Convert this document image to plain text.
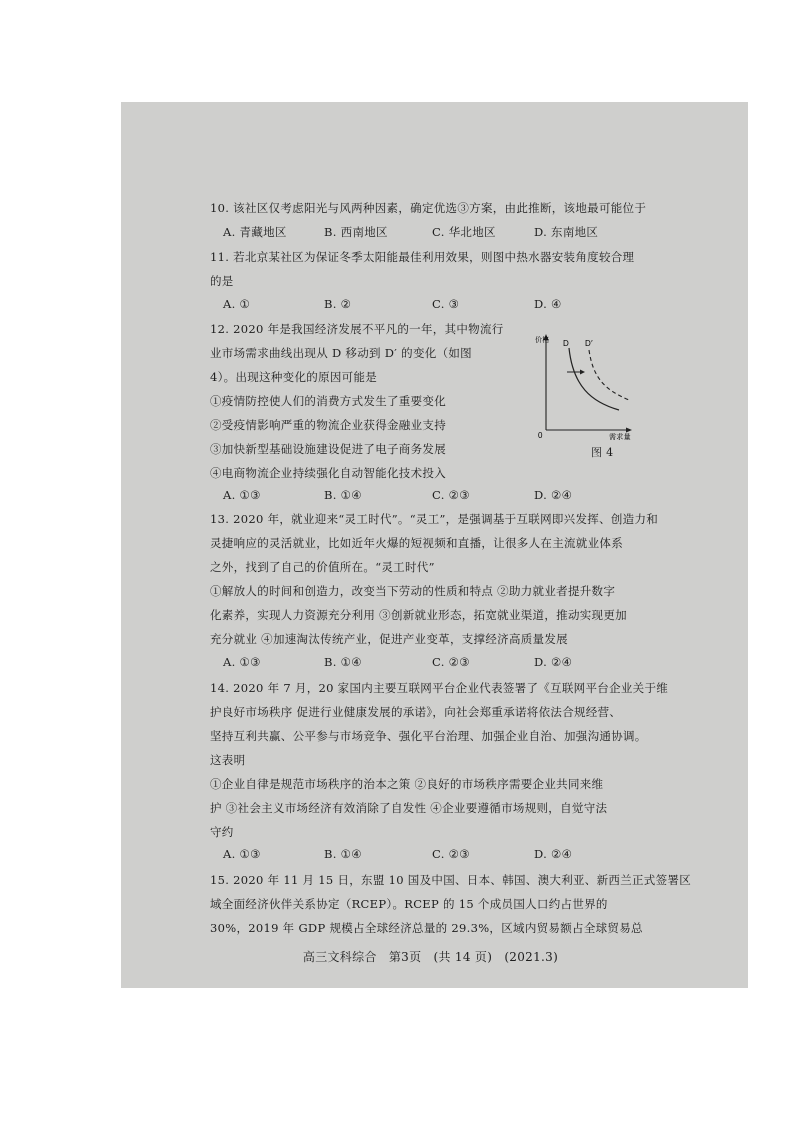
10. 该社区仅考虑阳光与风两种因素，确定优选③方案，由此推断，该地最可能位于
A. 青藏地区	B. 西南地区	C. 华北地区	D. 东南地区
11. 若北京某社区为保证冬季太阳能最佳利用效果，则图中热水器安装角度较合理
的是
A. ①	B. ②	C. ③	D. ④
12. 2020 年是我国经济发展不平凡的一年，其中物流行
业市场需求曲线出现从 D 移动到 D′ 的变化（如图
4）。出现这种变化的原因可能是
①疫情防控使人们的消费方式发生了重要变化
②受疫情影响严重的物流企业获得金融业支持
③加快新型基础设施建设促进了电子商务发展
④电商物流企业持续强化自动智能化技术投入
A. ①③	B. ①④	C. ②③	D. ②④
价格 D D′
0	需求量
图 4
13. 2020 年，就业迎来“灵工时代”。“灵工”，是强调基于互联网即兴发挥、创造力和
灵捷响应的灵活就业，比如近年火爆的短视频和直播，让很多人在主流就业体系
之外，找到了自己的价值所在。“灵工时代”
①解放人的时间和创造力，改变当下劳动的性质和特点 ②助力就业者提升数字
化素养，实现人力资源充分利用 ③创新就业形态，拓宽就业渠道，推动实现更加
充分就业 ④加速淘汰传统产业，促进产业变革，支撑经济高质量发展
A. ①③	B. ①④	C. ②③	D. ②④
14. 2020 年 7 月，20 家国内主要互联网平台企业代表签署了《互联网平台企业关于维
护良好市场秩序 促进行业健康发展的承诺》，向社会郑重承诺将依法合规经营、
坚持互利共赢、公平参与市场竞争、强化平台治理、加强企业自治、加强沟通协调。
这表明
①企业自律是规范市场秩序的治本之策 ②良好的市场秩序需要企业共同来维
护 ③社会主义市场经济有效消除了自发性 ④企业要遵循市场规则，自觉守法
守约
A. ①③	B. ①④	C. ②③	D. ②④
15. 2020 年 11 月 15 日，东盟 10 国及中国、日本、韩国、澳大利亚、新西兰正式签署区
域全面经济伙伴关系协定（RCEP）。RCEP 的 15 个成员国人口约占世界的
30%，2019 年 GDP 规模占全球经济总量的 29.3%，区域内贸易额占全球贸易总
高三文科综合 第3页 (共 14 页) (2021.3)
